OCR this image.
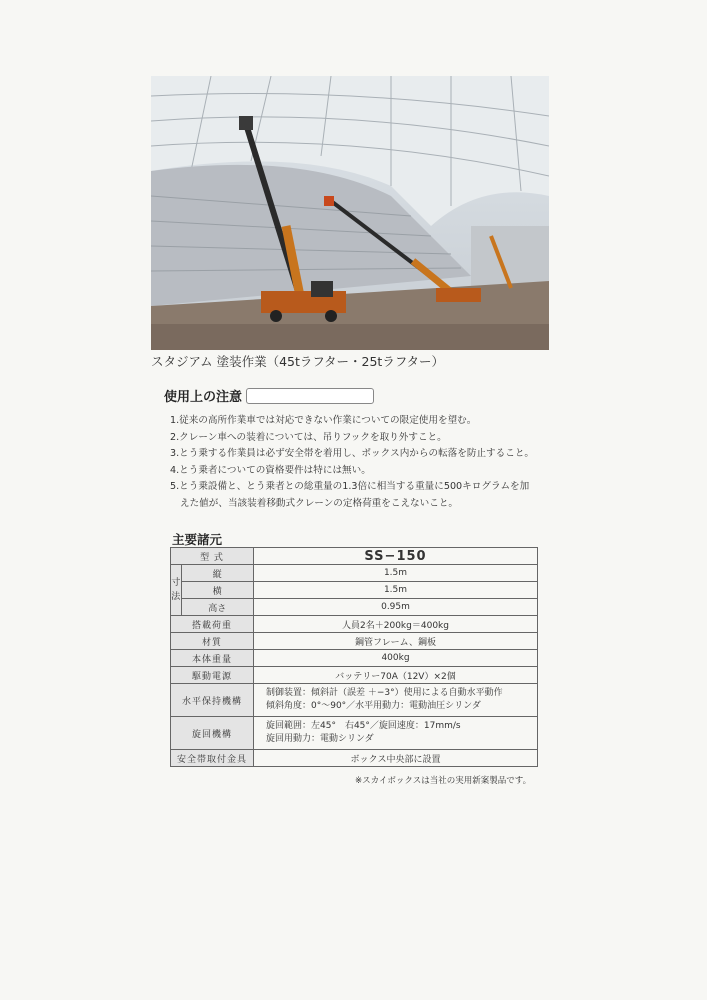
スタジアム 塗装作業（45tラフター・25tラフター）
使用上の注意
1.従来の高所作業車では対応できない作業についての限定使用を望む。
2.クレーン車への装着については、吊りフックを取り外すこと。
3.とう乗する作業員は必ず安全帯を着用し、ボックス内からの転落を防止すること。
4.とう乗者についての資格要件は特には無い。
5.とう乗設備と、とう乗者との総重量の1.3倍に相当する重量に500キログラムを加
えた値が、当該装着移動式クレーンの定格荷重をこえないこと。
主要諸元
型 式		SS−150
寸法	縦	1.5m
	横	1.5m
	高さ	0.95m
搭載荷重		人員2名＋200kg＝400kg
材質		鋼管フレーム、鋼板
本体重量		400kg
駆動電源		バッテリー70A（12V）×2個
水平保持機構		制御装置：傾斜計（誤差 ＋−3°）使用による自動水平動作
傾斜角度：0°～90°／水平用動力：電動油圧シリンダ

旋回機構		旋回範囲：左45°　右45°／旋回速度：17mm/s
旋回用動力：電動シリンダ

安全帯取付金具		ボックス中央部に設置
※スカイボックスは当社の実用新案製品です。
